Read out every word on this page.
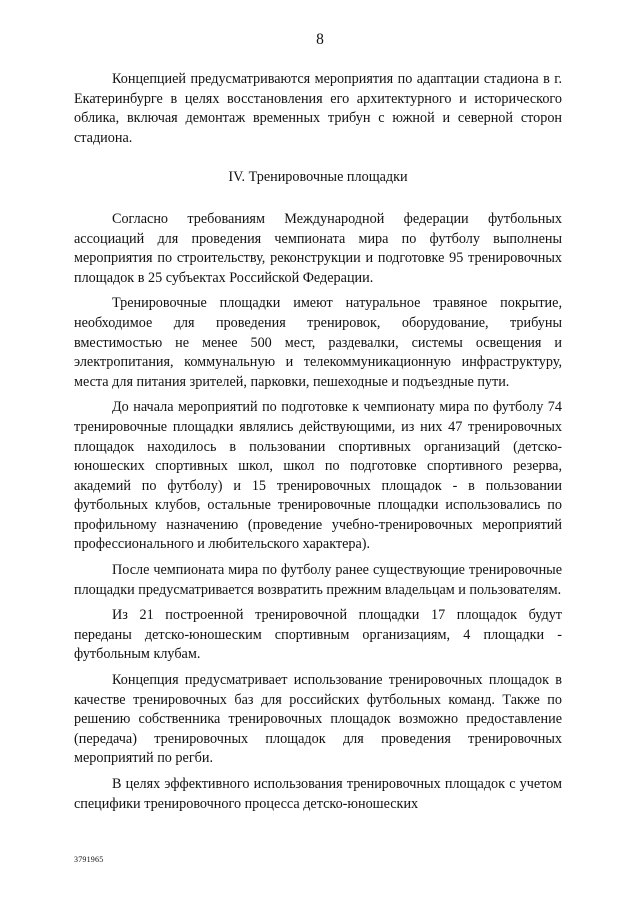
8

Концепцией предусматриваются мероприятия по адаптации стадиона в г. Екатеринбурге в целях восстановления его архитектурного и исторического облика, включая демонтаж временных трибун с южной и северной сторон стадиона.

IV. Тренировочные площадки

Согласно требованиям Международной федерации футбольных ассоциаций для проведения чемпионата мира по футболу выполнены мероприятия по строительству, реконструкции и подготовке 95 тренировочных площадок в 25 субъектах Российской Федерации.

Тренировочные площадки имеют натуральное травяное покрытие, необходимое для проведения тренировок, оборудование, трибуны вместимостью не менее 500 мест, раздевалки, системы освещения и электропитания, коммунальную и телекоммуникационную инфраструктуру, места для питания зрителей, парковки, пешеходные и подъездные пути.

До начала мероприятий по подготовке к чемпионату мира по футболу 74 тренировочные площадки являлись действующими, из них 47 тренировочных площадок находилось в пользовании спортивных организаций (детско-юношеских спортивных школ, школ по подготовке спортивного резерва, академий по футболу) и 15 тренировочных площадок - в пользовании футбольных клубов, остальные тренировочные площадки использовались по профильному назначению (проведение учебно-тренировочных мероприятий профессионального и любительского характера).

После чемпионата мира по футболу ранее существующие тренировочные площадки предусматривается возвратить прежним владельцам и пользователям.

Из 21 построенной тренировочной площадки 17 площадок будут переданы детско-юношеским спортивным организациям, 4 площадки - футбольным клубам.

Концепция предусматривает использование тренировочных площадок в качестве тренировочных баз для российских футбольных команд. Также по решению собственника тренировочных площадок возможно предоставление (передача) тренировочных площадок для проведения тренировочных мероприятий по регби.

В целях эффективного использования тренировочных площадок с учетом специфики тренировочного процесса детско-юношеских

3791965
